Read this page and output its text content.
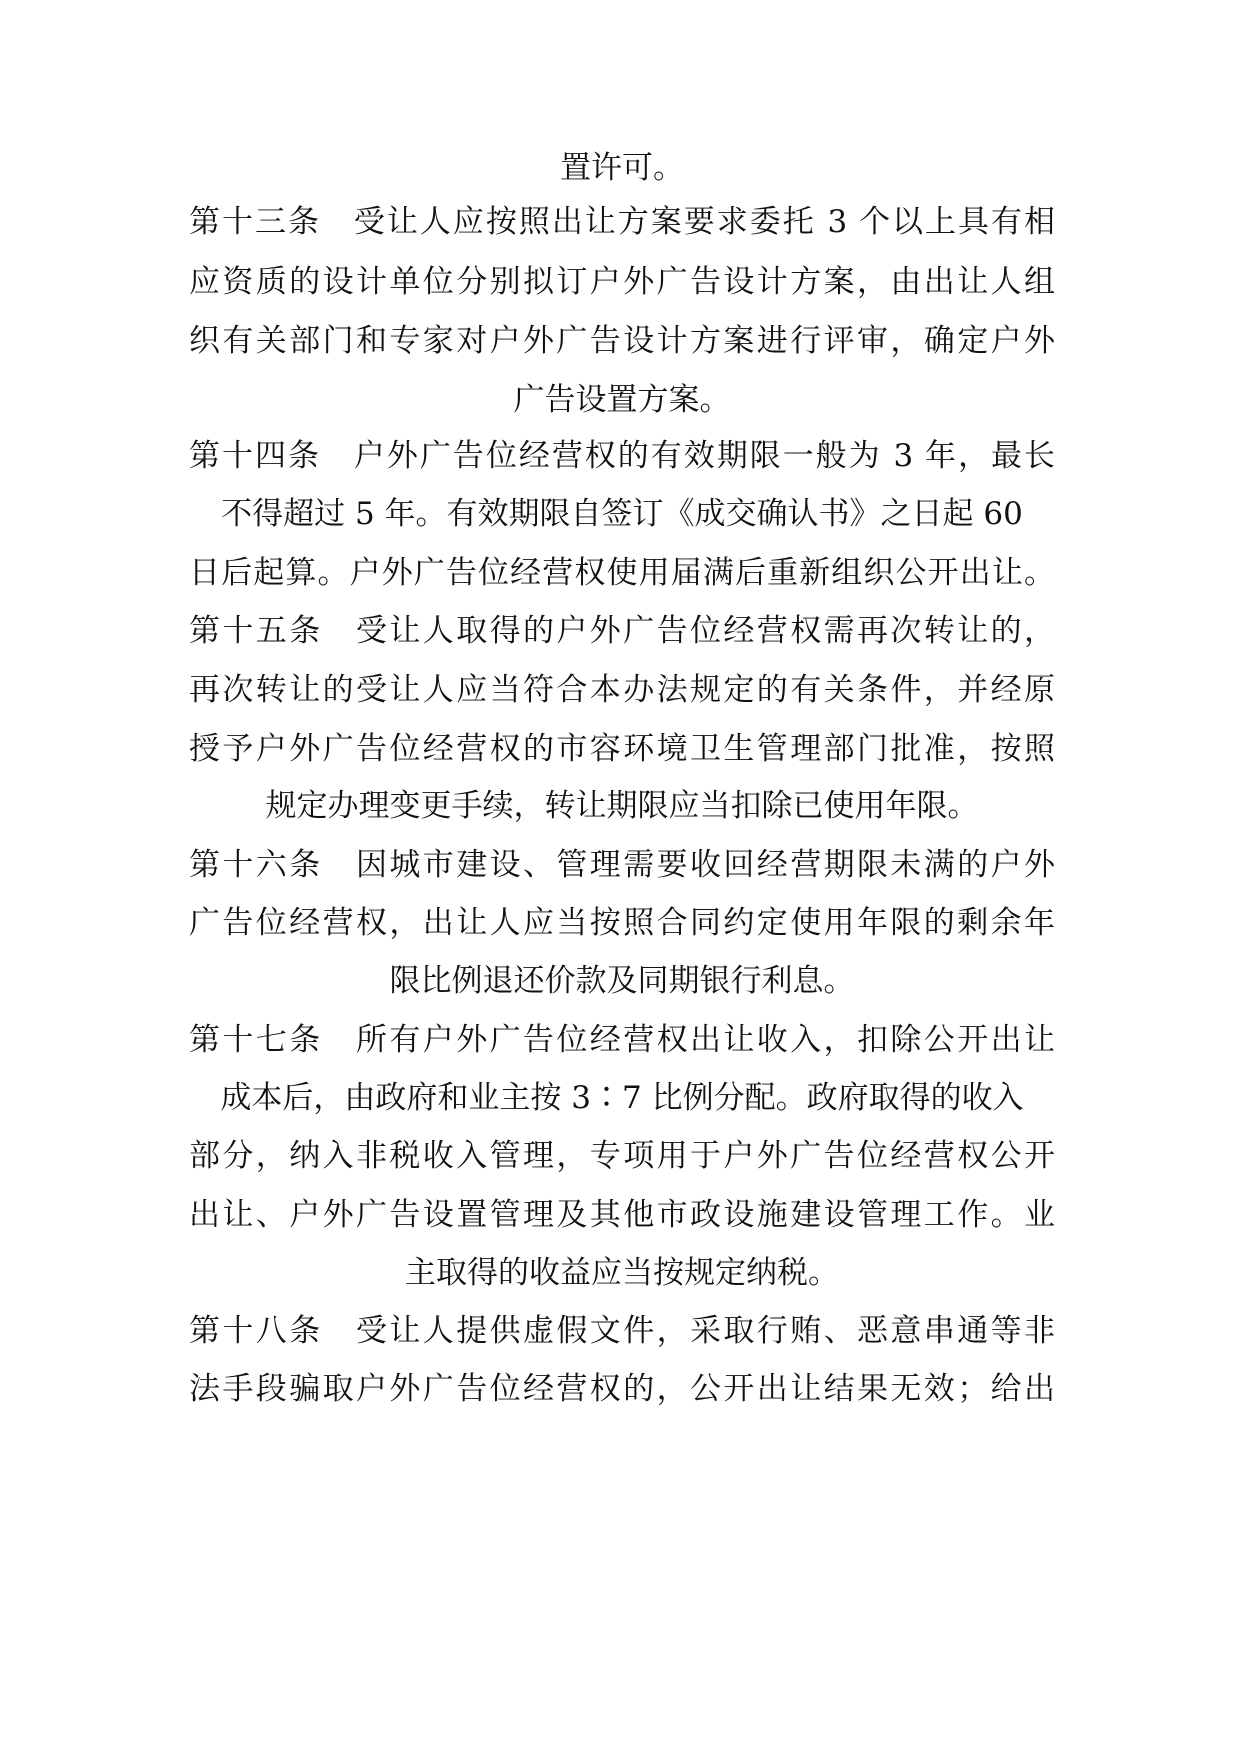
置许可。
第十三条　受让人应按照出让方案要求委托 3 个以上具有相
应资质的设计单位分别拟订户外广告设计方案，由出让人组
织有关部门和专家对户外广告设计方案进行评审，确定户外
广告设置方案。
第十四条　户外广告位经营权的有效期限一般为 3 年，最长
不得超过 5 年。有效期限自签订《成交确认书》之日起 60
日后起算。户外广告位经营权使用届满后重新组织公开出让。
第十五条　受让人取得的户外广告位经营权需再次转让的，
再次转让的受让人应当符合本办法规定的有关条件，并经原
授予户外广告位经营权的市容环境卫生管理部门批准，按照
规定办理变更手续，转让期限应当扣除已使用年限。
第十六条　因城市建设、管理需要收回经营期限未满的户外
广告位经营权，出让人应当按照合同约定使用年限的剩余年
限比例退还价款及同期银行利息。
第十七条　所有户外广告位经营权出让收入，扣除公开出让
成本后，由政府和业主按 3∶7 比例分配。政府取得的收入
部分，纳入非税收入管理，专项用于户外广告位经营权公开
出让、户外广告设置管理及其他市政设施建设管理工作。业
主取得的收益应当按规定纳税。
第十八条　受让人提供虚假文件，采取行贿、恶意串通等非
法手段骗取户外广告位经营权的，公开出让结果无效；给出
